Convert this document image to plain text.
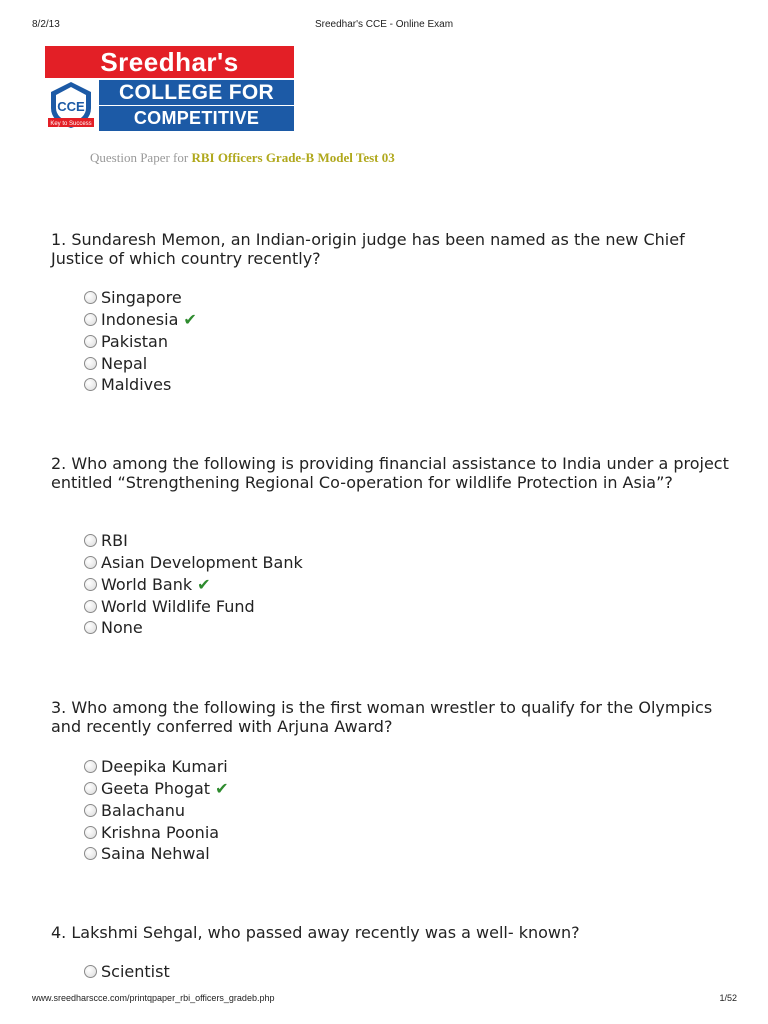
8/2/13	Sreedhar's CCE - Online Exam
Sreedhar's
CCE
Key to Success
COLLEGE FOR
COMPETITIVE EXAMS
Question Paper for RBI Officers Grade-B Model Test 03
1. Sundaresh Memon, an Indian-origin judge has been named as the new Chief Justice of which country recently?
Singapore
Indonesia ✔
Pakistan
Nepal
Maldives
2. Who among the following is providing financial assistance to India under a project entitled “Strengthening Regional Co-operation for wildlife Protection in Asia”?
RBI
Asian Development Bank
World Bank ✔
World Wildlife Fund
None
3. Who among the following is the first woman wrestler to qualify for the Olympics and recently conferred with Arjuna Award?
Deepika Kumari
Geeta Phogat ✔
Balachanu
Krishna Poonia
Saina Nehwal
4. Lakshmi Sehgal, who passed away recently was a well- known?
Scientist
www.sreedharscce.com/printqpaper_rbi_officers_gradeb.php	1/52
